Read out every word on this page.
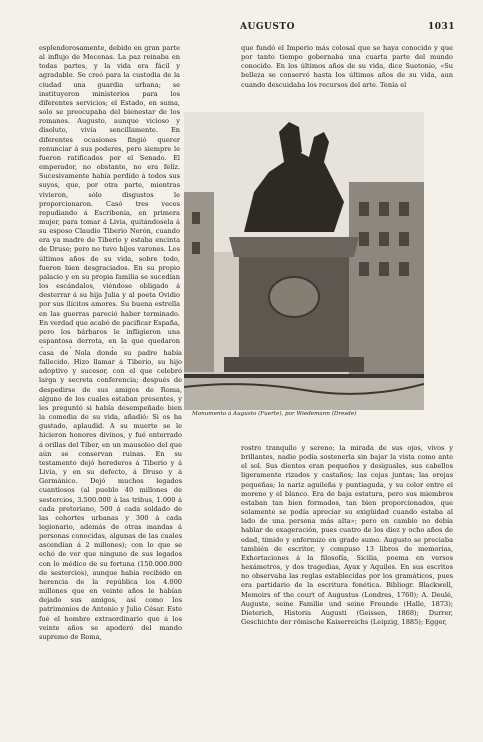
AUGUSTO	1031

esplendorosamente, debido en gran parte al influjo de Mecenas. La paz reinaba en todas partes, y la vida era fácil y agradable. Se creó para la custodia de la ciudad una guardia urbana; se instituyeron ministerios para los diferentes servicios; el Estado, en suma, solo se preocupaba del bienestar de los romanos. Augusto, aunque vicioso y disoluto, vivía sencillamente. En diferentes ocasiones fingió querer renunciar á sus poderes, pero siempre le fueron ratificados por el Senado. El emperador, no obstante, no era feliz. Sucesivamente había perdido á todos sus suyos, que, por otra parte, mientras vivieron, sólo disgustos le proporcionaron. Casó tres veces repudiando á Escribonia, en primera mujer, para tomar á Livia, quitándosela á su esposo Claudio Tiberio Nerón, cuando era ya madre de Tiberio y estaba encinta de Druso; pero no tuvo hijos varones. Los últimos años de su vida, sobre todo, fueron bien desgraciados. En su propio palacio y en su propia familia se sucedían los escándalos, viéndose obligado á desterrar á su hija Julia y al poeta Ovidio por sus ilícitos amores. Su buena estrella en las guerras pareció haber terminado. En verdad que acabó de pacificar España, pero los bárbaros le infligieron una espantosa derrota, en la que quedaron

que fundó el Imperio más colosal que se haya conocido y que por tanto tiempo gobernaba una cuarta parte del mundo conocido. En los últimos años de su vida, dice Suetonio, «Su belleza se conservó hasta los últimos años de su vida, aun cuando descuidaba los recursos del arte. Tenía el

Monumento á Augusto (Fuerte), por Wiedemann (Dresde)

casa de Nola donde su padre había fallecido. Hizo llamar á Tiberio, su hijo adoptivo y sucesor, con el que celebró larga y secreta conferencia; después de despedirse de sus amigos de Roma, alguno de los cuales estaban presentes, y les preguntó si había desempeñado bien la comedia de su vida, añadió: Si os ha gustado, aplaudid. A su muerte se le hicieron honores divinos, y fué enterrado á orillas del Tíber, en un mausoleo del que aún se conservan ruinas. En su testamento dejó herederos á Tiberio y á Livia, y en su defecto, á Druso y á Germánico. Dejó muchos legados cuantiosos (al pueblo 40 millones de sestercios, 3.500.000 á las tribus, 1.000 á cada pretoriano, 500 á cada soldado de las cohortes urbanas y 300 á cada legionario, además de otras mandas á personas conocidas, algunas de las cuales ascendían á 2 millones); con lo que se echó de ver que ninguno de sus legados con lo médico de su fortuna (150.000.000 de sestercios), aunque había recibido en herencia de la república los 4.000 millones que en veinte años le habían dejado sus amigos, así como los patrimonios de Antonio y Julio César. Este fué el hombre extraordinario que á los veinte años se apoderó del mando supremo de Roma,

rostro tranquilo y sereno; la mirada de sus ojos, vivos y brillantes, nadie podía sostenerla sin bajar la vista como ante el sol. Sus dientes eran pequeños y desiguales, sus cabellos ligeramente rizados y castaños; las cejas juntas; las orejas pequeñas; la nariz aguileña y puntiaguda, y su color entre el moreno y el blanco. Era de baja estatura, pero sus miembros estaban tan bien formados, tan bien proporcionados, que solamente se podía apreciar su exigüidad cuando estaba al lado de una persona más alta»; pero en cambio no debía hablar de exageración, pues cuatro de los diez y ocho años de edad, tímido y enfermizo en grado sumo. Augusto se preciaba también de escritor, y compuso 13 libros de memorias, Exhortaciones á la filosofía, Sicilia, poema en versos hexámetros, y dos tragedias, Ayax y Aquiles. En sus escritos no observaba las reglas establecidas por los gramáticos, pues era partidario de la escritura fonética. Bibliogr. Blackwell, Memoirs of the court of Augustus (Londres, 1760); A. Deulé, Auguste, seine Familie und seine Freunde (Halle, 1873); Dieterich, Historia Augusti (Geissen, 1868); Durrer, Geschichte der römische Kaiserreichs (Leipzig, 1885); Egger,
